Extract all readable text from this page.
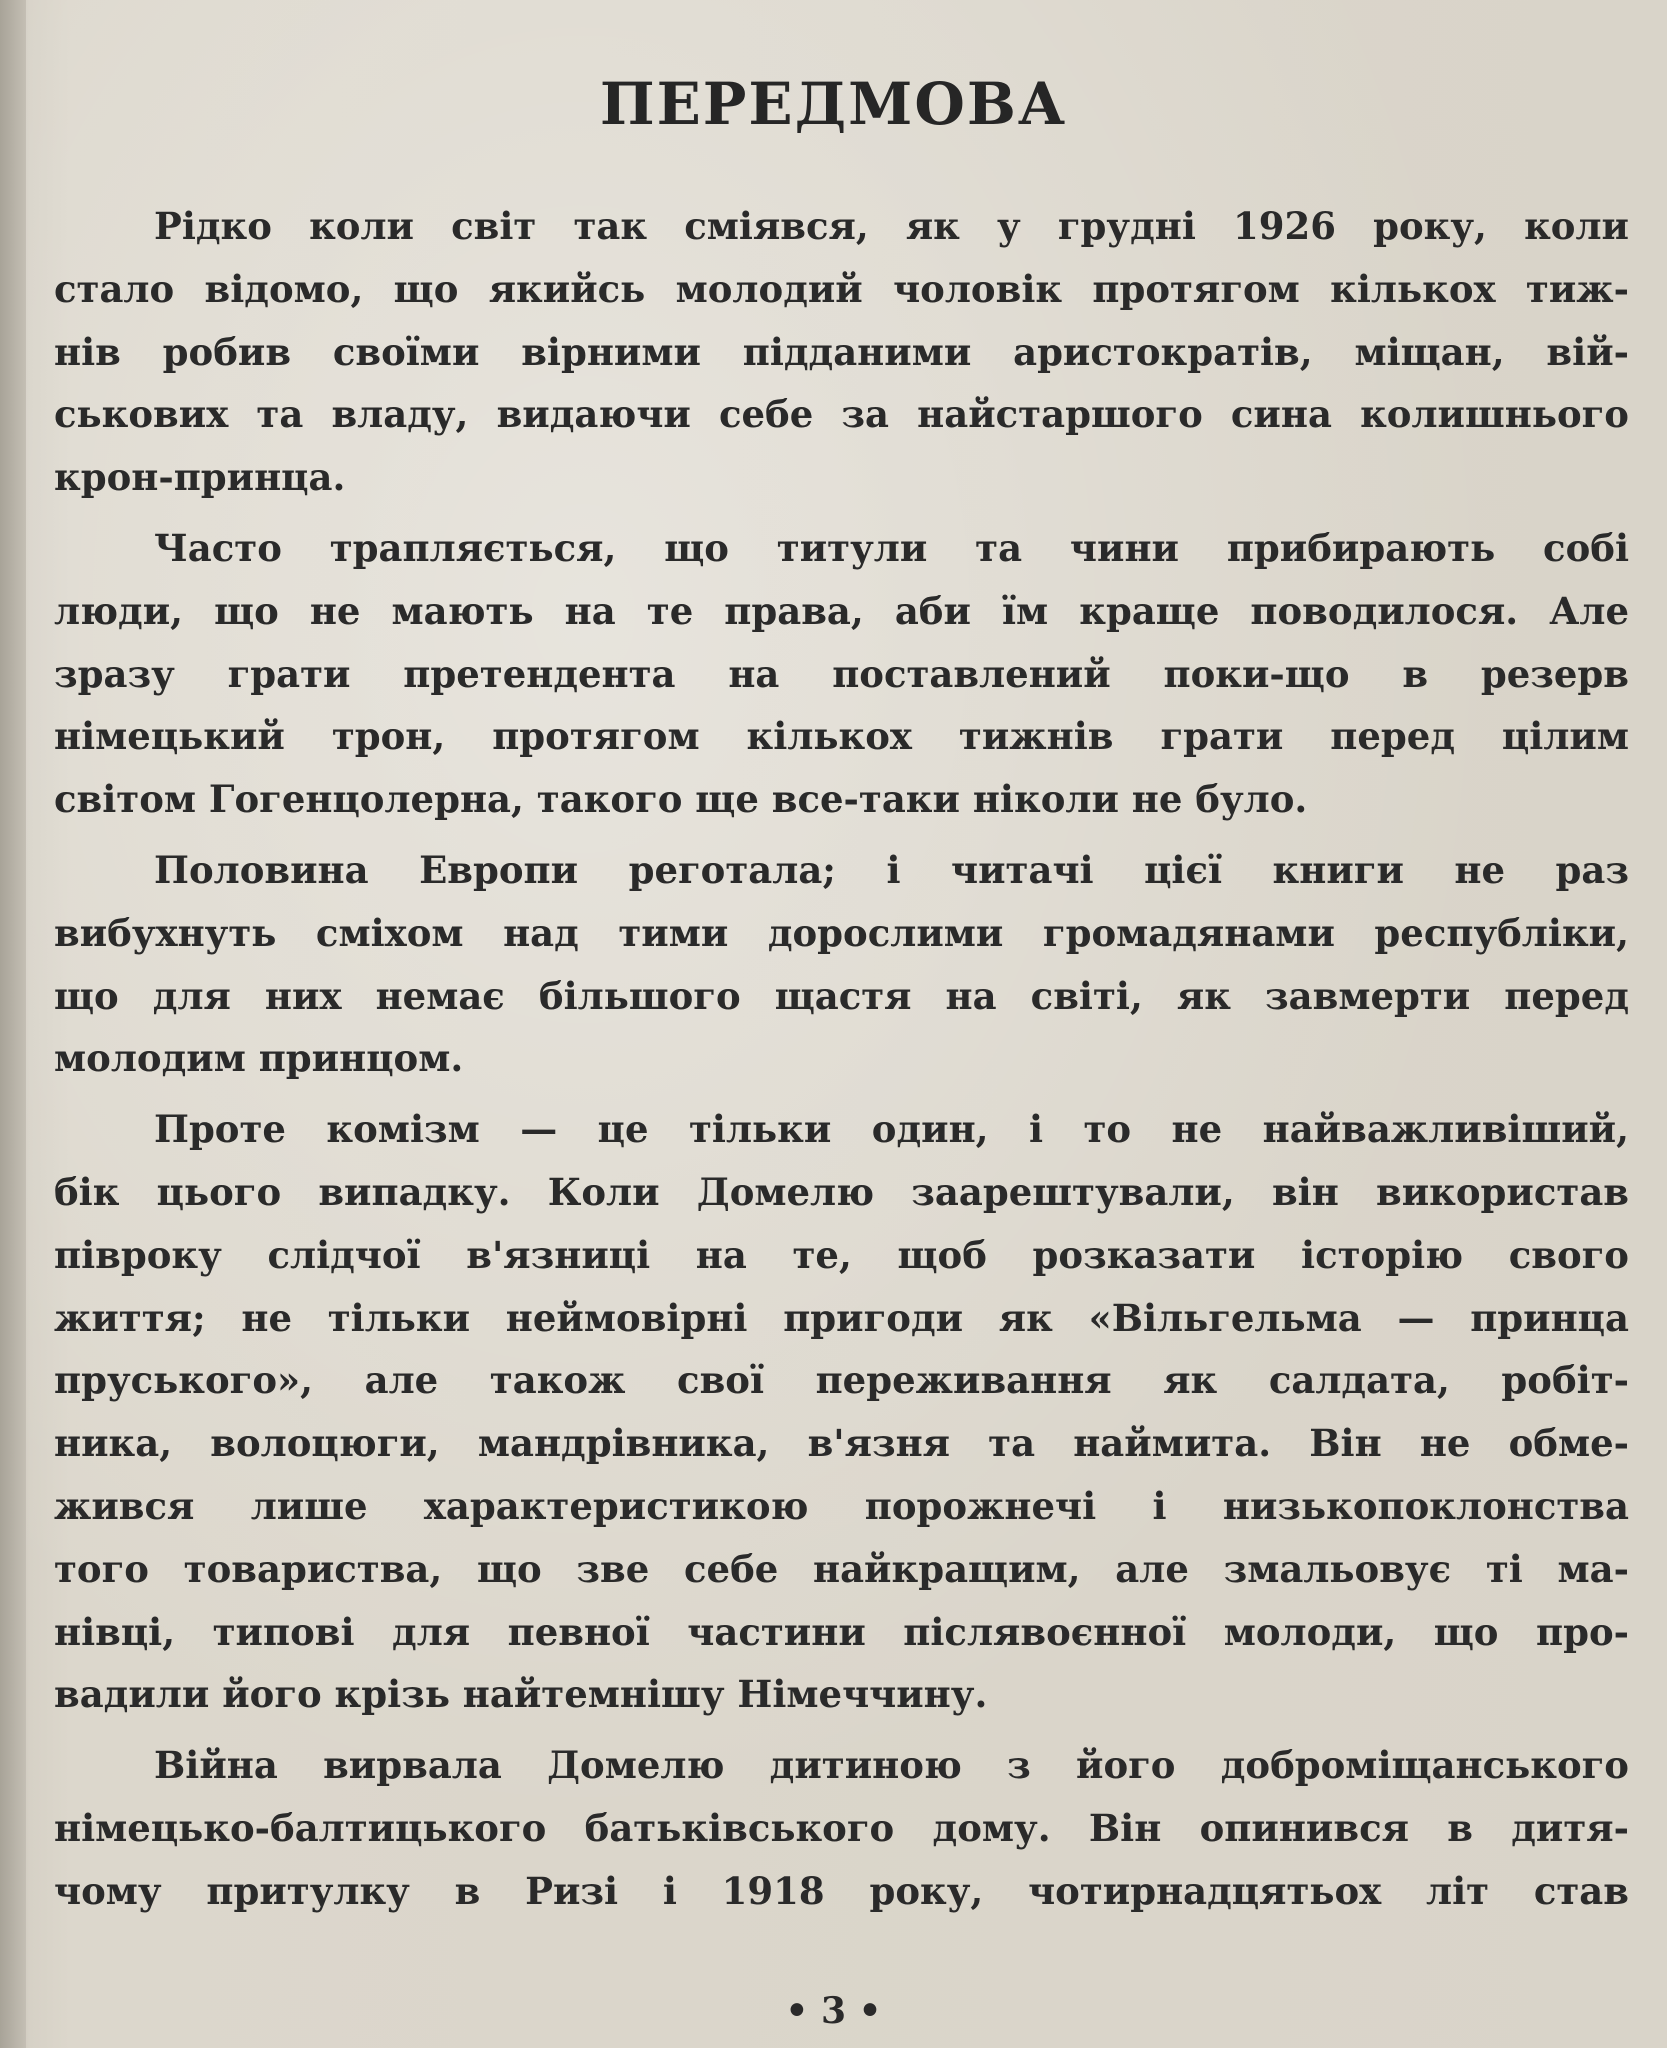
ПЕРЕДМОВА

Рідко коли світ так сміявся, як у грудні 1926 року, коли
стало відомо, що якийсь молодий чоловік протягом кількох тиж-
нів робив своїми вірними підданими аристократів, міщан, вій-
ськових та владу, видаючи себе за найстаршого сина колишнього
крон-принца.

Часто трапляється, що титули та чини прибирають собі
люди, що не мають на те права, аби їм краще поводилося. Але
зразу грати претендента на поставлений поки-що в резерв
німецький трон, протягом кількох тижнів грати перед цілим
світом Гогенцолерна, такого ще все-таки ніколи не було.

Половина Европи реготала; і читачі цієї книги не раз
вибухнуть сміхом над тими дорослими громадянами республіки,
що для них немає більшого щастя на світі, як завмерти перед
молодим принцом.

Проте комізм — це тільки один, і то не найважливіший,
бік цього випадку. Коли Домелю заарештували, він використав
півроку слідчої в'язниці на те, щоб розказати історію свого
життя; не тільки неймовірні пригоди як «Вільгельма — принца
пруського», але також свої переживання як салдата, робіт-
ника, волоцюги, мандрівника, в'язня та наймита. Він не обме-
жився лише характеристикою порожнечі і низькопоклонства
того товариства, що зве себе найкращим, але змальовує ті ма-
нівці, типові для певної частини післявоєнної молоди, що про-
вадили його крізь найтемнішу Німеччину.

Війна вирвала Домелю дитиною з його доброміщанського
німецько-балтицького батьківського дому. Він опинився в дитя-
чому притулку в Ризі і 1918 року, чотирнадцятьох літ став

• 3 •
